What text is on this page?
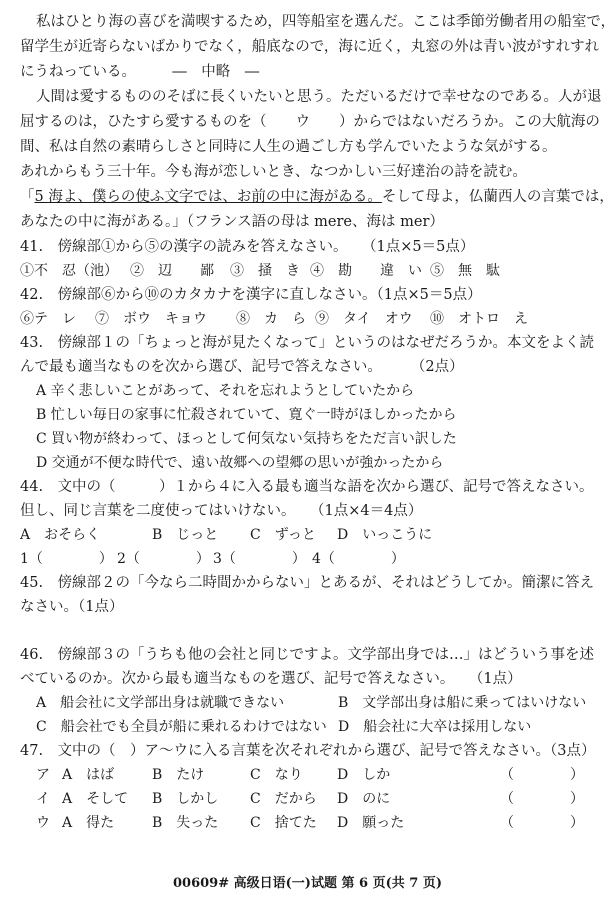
私はひとり海の喜びを満喫するため，四等船室を選んだ。ここは季節労働者用の船室で，
留学生が近寄らないばかりでなく，船底なので，海に近く，丸窓の外は青い波がすれすれ
にうねっている。　　　―　中略　―
人間は愛するもののそばに長くいたいと思う。ただいるだけで幸せなのである。人が退
屈するのは，ひたすら愛するものを（　　ウ　　）からではないだろうか。この大航海の
間、私は自然の素晴らしさと同時に人生の過ごし方も学んでいたような気がする。
あれからもう三十年。今も海が恋しいとき、なつかしい三好達治の詩を読む。
「5 海よ、僕らの使ふ文字では、お前の中に海がゐる。そして母よ，仏蘭西人の言葉では，
あなたの中に海がある。」（フランス語の母は mere、海は mer）
41.　傍線部①から⑤の漢字の読みを答えなさい。　　（1点×5＝5点）
①不　忍（池） ②　辺　　鄙 ③　掻　き ④　勘　　違　い ⑤　無　駄
42.　傍線部⑥から⑩のカタカナを漢字に直しなさい。（1点×5＝5点）
⑥テ　レ ⑦　ボウ　キョウ ⑧　カ　ら ⑨　タイ　オウ ⑩　オトロ　え
43.　傍線部１の「ちょっと海が見たくなって」というのはなぜだろうか。本文をよく読
んで最も適当なものを次から選び、記号で答えなさい。　　　（2点）
A 辛く悲しいことがあって、それを忘れようとしていたから
B 忙しい毎日の家事に忙殺されていて、寛ぐ一時がほしかったから
C 買い物が終わって、ほっとして何気ない気持ちをただ言い訳した
D 交通が不便な時代で、遠い故郷への望郷の思いが強かったから
44.　文中の（　　　）１から４に入る最も適当な語を次から選び、記号で答えなさい。
但し、同じ言葉を二度使ってはいけない。　　（1点×4＝4点）
A　おそらく	B　じっと C　ずっと D　いっこうに
1（　　　　） 2（　　　　） 3（　　　　） 4（　　　　）
45.　傍線部２の「今なら二時間かからない」とあるが、それはどうしてか。簡潔に答え
なさい。（1点）
46.　傍線部３の「うちも他の会社と同じですよ。文学部出身では…」はどういう事を述
べているのか。次から最も適当なものを選び、記号で答えなさい。　　（1点）
A　船会社に文学部出身は就職できない	B　文学部出身は船に乗ってはいけない
C　船会社でも全員が船に乗れるわけではない D　船会社に大卒は採用しない
47.　文中の（　）ア～ウに入る言葉を次それぞれから選び、記号で答えなさい。（3点）
ア A　はば	B　たけ	C　なり D　しか	（　　　　）
イ A　そして B　しかし C　だから D　のに	（　　　　）
ウ A　得た	B　失った C　捨てた D　願った	（　　　　）
00609# 高级日语(一)试题 第 6 页(共 7 页)
